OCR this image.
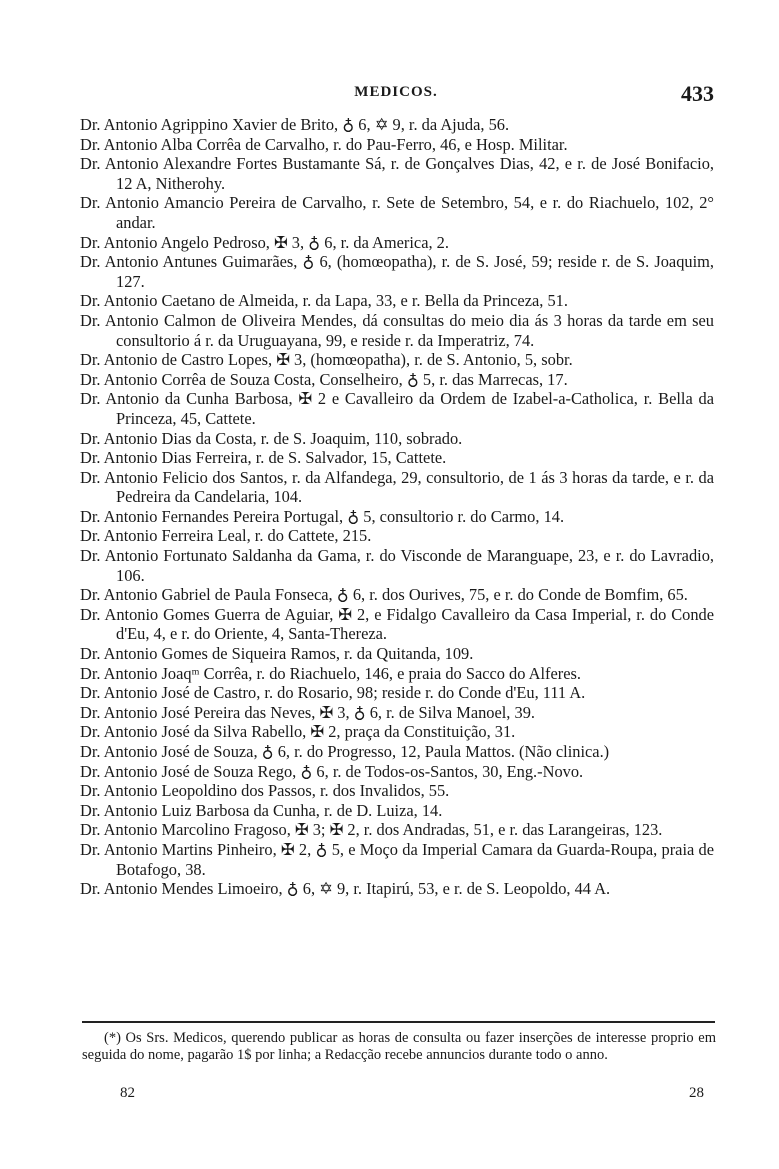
MEDICOS.	433

Dr. Antonio Agrippino Xavier de Brito, ♁ 6, ✡ 9, r. da Ajuda, 56.

Dr. Antonio Alba Corrêa de Carvalho, r. do Pau-Ferro, 46, e Hosp. Militar.

Dr. Antonio Alexandre Fortes Bustamante Sá, r. de Gonçalves Dias, 42, e r. de José Bonifacio, 12 A, Nitherohy.

Dr. Antonio Amancio Pereira de Carvalho, r. Sete de Setembro, 54, e r. do Riachuelo, 102, 2° andar.

Dr. Antonio Angelo Pedroso, ✠ 3, ♁ 6, r. da America, 2.

Dr. Antonio Antunes Guimarães, ♁ 6, (homœopatha), r. de S. José, 59; reside r. de S. Joaquim, 127.

Dr. Antonio Caetano de Almeida, r. da Lapa, 33, e r. Bella da Princeza, 51.

Dr. Antonio Calmon de Oliveira Mendes, dá consultas do meio dia ás 3 horas da tarde em seu consultorio á r. da Uruguayana, 99, e reside r. da Imperatriz, 74.

Dr. Antonio de Castro Lopes, ✠ 3, (homœopatha), r. de S. Antonio, 5, sobr.

Dr. Antonio Corrêa de Souza Costa, Conselheiro, ♁ 5, r. das Marrecas, 17.

Dr. Antonio da Cunha Barbosa, ✠ 2 e Cavalleiro da Ordem de Izabel-a-Catholica, r. Bella da Princeza, 45, Cattete.

Dr. Antonio Dias da Costa, r. de S. Joaquim, 110, sobrado.

Dr. Antonio Dias Ferreira, r. de S. Salvador, 15, Cattete.

Dr. Antonio Felicio dos Santos, r. da Alfandega, 29, consultorio, de 1 ás 3 horas da tarde, e r. da Pedreira da Candelaria, 104.

Dr. Antonio Fernandes Pereira Portugal, ♁ 5, consultorio r. do Carmo, 14.

Dr. Antonio Ferreira Leal, r. do Cattete, 215.

Dr. Antonio Fortunato Saldanha da Gama, r. do Visconde de Maranguape, 23, e r. do Lavradio, 106.

Dr. Antonio Gabriel de Paula Fonseca, ♁ 6, r. dos Ourives, 75, e r. do Conde de Bomfim, 65.

Dr. Antonio Gomes Guerra de Aguiar, ✠ 2, e Fidalgo Cavalleiro da Casa Imperial, r. do Conde d'Eu, 4, e r. do Oriente, 4, Santa-Thereza.

Dr. Antonio Gomes de Siqueira Ramos, r. da Quitanda, 109.

Dr. Antonio Joaqᵐ Corrêa, r. do Riachuelo, 146, e praia do Sacco do Alferes.

Dr. Antonio José de Castro, r. do Rosario, 98; reside r. do Conde d'Eu, 111 A.

Dr. Antonio José Pereira das Neves, ✠ 3, ♁ 6, r. de Silva Manoel, 39.

Dr. Antonio José da Silva Rabello, ✠ 2, praça da Constituição, 31.

Dr. Antonio José de Souza, ♁ 6, r. do Progresso, 12, Paula Mattos. (Não clinica.)

Dr. Antonio José de Souza Rego, ♁ 6, r. de Todos-os-Santos, 30, Eng.-Novo.

Dr. Antonio Leopoldino dos Passos, r. dos Invalidos, 55.

Dr. Antonio Luiz Barbosa da Cunha, r. de D. Luiza, 14.

Dr. Antonio Marcolino Fragoso, ✠ 3; ✠ 2, r. dos Andradas, 51, e r. das Larangeiras, 123.

Dr. Antonio Martins Pinheiro, ✠ 2, ♁ 5, e Moço da Imperial Camara da Guarda-Roupa, praia de Botafogo, 38.

Dr. Antonio Mendes Limoeiro, ♁ 6, ✡ 9, r. Itapirú, 53, e r. de S. Leopoldo, 44 A.

(*) Os Srs. Medicos, querendo publicar as horas de consulta ou fazer inserções de interesse proprio em seguida do nome, pagarão 1$ por linha; a Redacção recebe annuncios durante todo o anno.
82	28
